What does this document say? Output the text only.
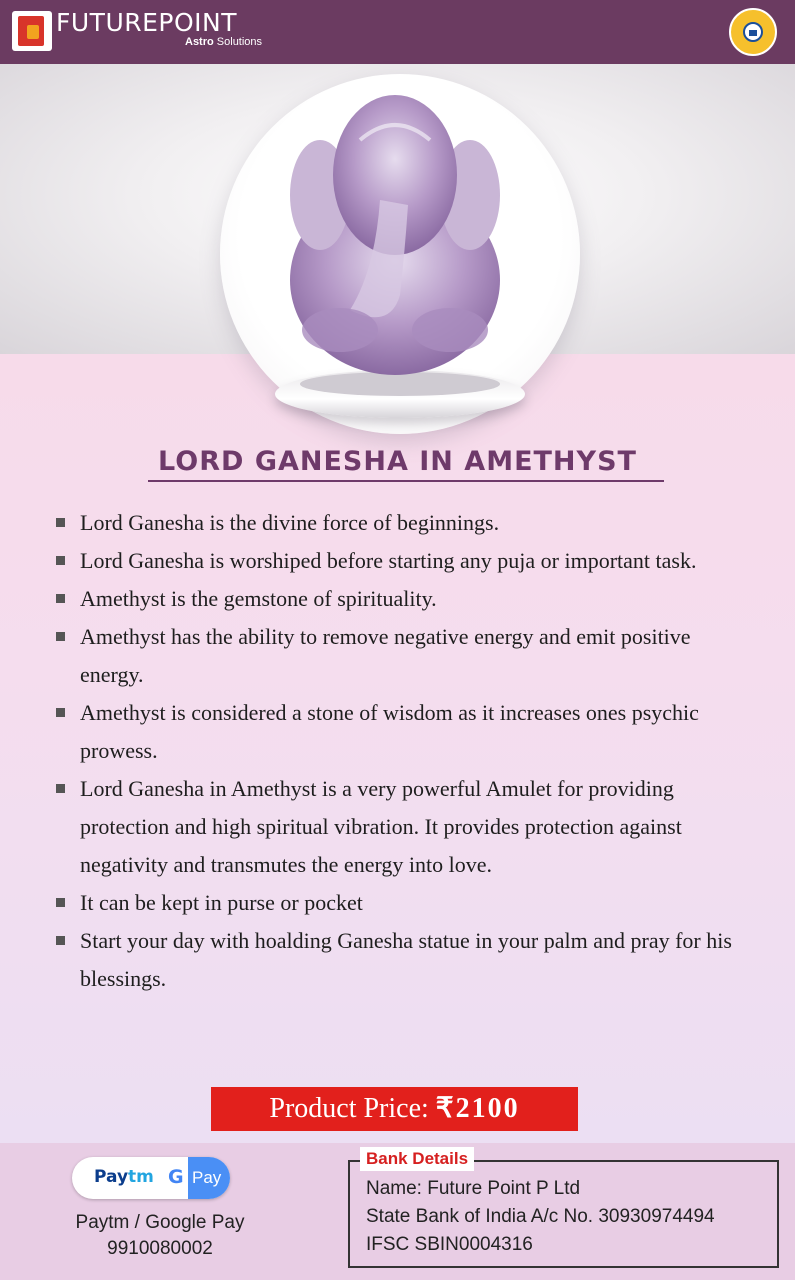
FUTUREPOINT
Astro Solutions
LORD GANESHA IN AMETHYST
Lord Ganesha is the divine force of beginnings.
Lord Ganesha is worshiped before starting any puja or important task.
Amethyst is the gemstone of spirituality.
Amethyst has the ability to remove negative energy and emit positive energy.
Amethyst is considered a stone of wisdom as it increases ones psychic prowess.
Lord Ganesha in Amethyst is a very powerful Amulet for providing protection and high spiritual vibration. It provides protection against negativity and transmutes the energy into love.
It can be kept in purse or pocket
Start your day with hoalding Ganesha statue in your palm and pray for his blessings.
Product Price: ₹2100
Paytm G Pay
Paytm / Google Pay
9910080002
Bank Details
Name: Future Point P Ltd
State Bank of India A/c No. 30930974494
IFSC SBIN0004316
